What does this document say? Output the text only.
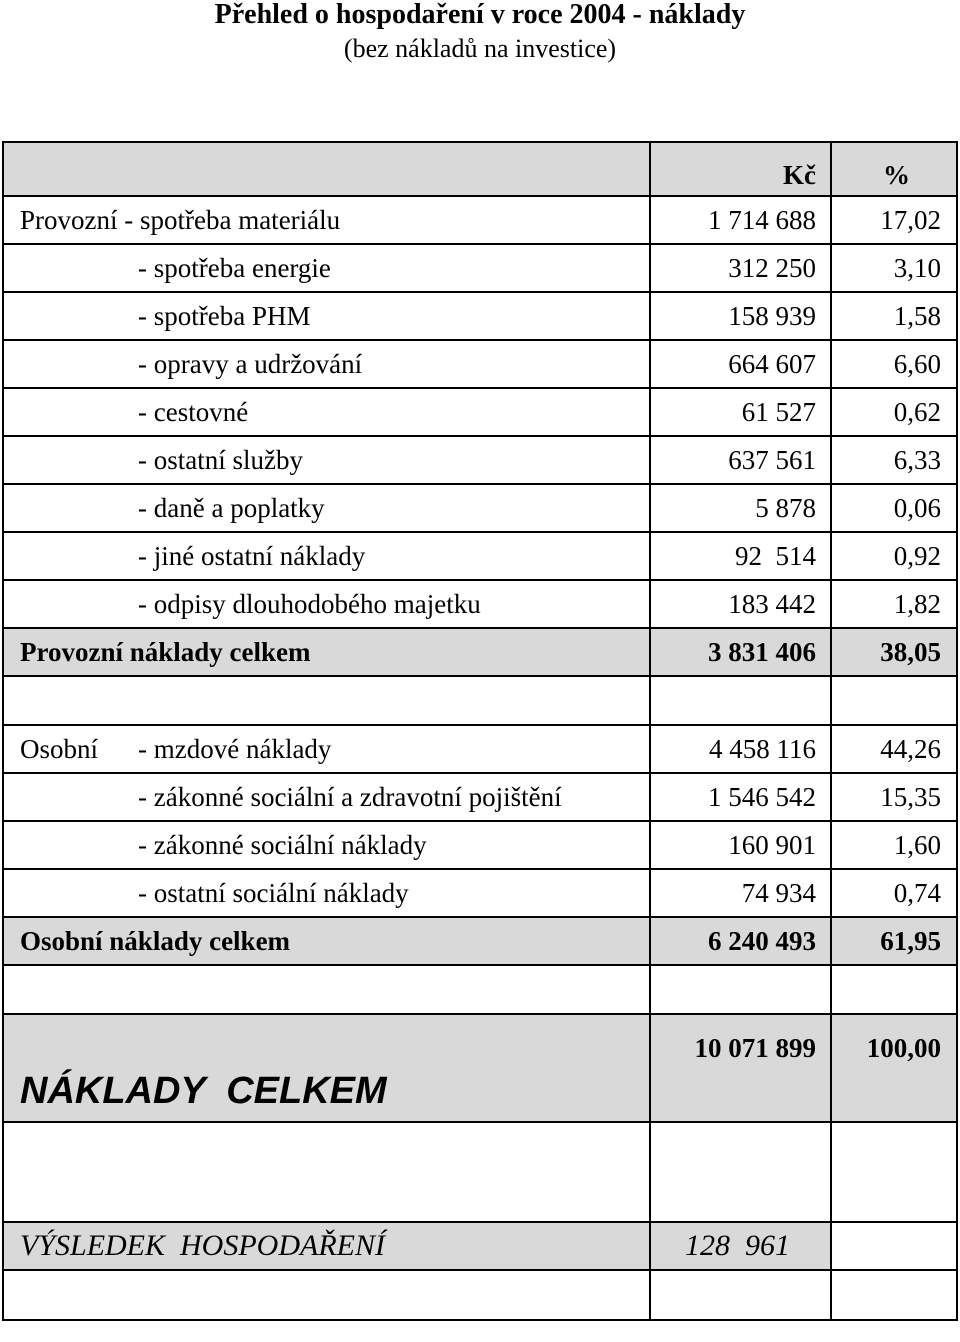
Přehled o hospodaření v roce 2004 - náklady
(bez nákladů na investice)
	Kč	%
Provozní - spotřeba materiálu	1 714 688	17,02
- spotřeba energie	312 250	3,10
- spotřeba PHM	158 939	1,58
- opravy a udržování	664 607	6,60
- cestovné	61 527	0,62
- ostatní služby	637 561	6,33
- daně a poplatky	5 878	0,06
- jiné ostatní náklady	92  514	0,92
- odpisy dlouhodobého majetku	183 442	1,82
Provozní náklady celkem	3 831 406	38,05

Osobní - mzdové náklady	4 458 116	44,26
- zákonné sociální a zdravotní pojištění	1 546 542	15,35
- zákonné sociální náklady	160 901	1,60
- ostatní sociální náklady	74 934	0,74
Osobní náklady celkem	6 240 493	61,95

NÁKLADY  CELKEM	10 071 899	100,00

VÝSLEDEK  HOSPODAŘENÍ	128  961	
